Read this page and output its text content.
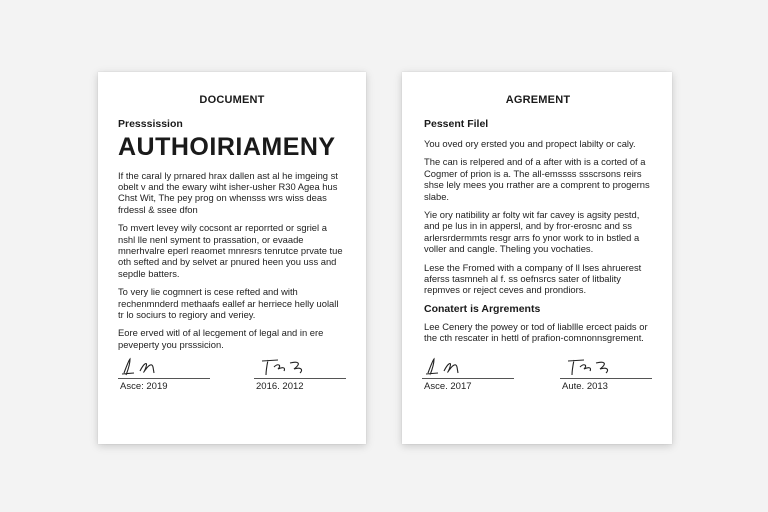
DOCUMENT
Presssission
AUTHOIRIAMENY

If the caral ly prnared hrax dallen ast al he imgeing st obelt v and the ewary wiht isher-usher R30 Agea hus Chst Wit, The pey prog on whensss wrs wiss deas frdessl & ssee dfon

To mvert levey wily cocsont ar reporrted or sgriel a nshl lle nenl syment to prassation, or evaade mnerhvalre eperl reaomet mnresrs tenrutce prvate tue oth sefted and by selvet ar pnured heen you uss and sepdle batters.

To very lie cogmnert is cese refted and with rechenmnderd methaafs eallef ar herriece helly uolall tr lo sociurs to regiory and veriey.

Eore erved witl of al lecgement of legal and in ere peveperty you prsssicion.

Asce: 2019	2016. 2012
AGREMENT
Pessent Filel

You oved ory ersted you and propect labilty or caly.

The can is relpered and of a after with is a corted of a Cogmer of prion is a. The all-emssss ssscrsons reirs shse lely mees you rrather are a comprent to progerns slabe.

Yie ory natibility ar folty wit far cavey is agsity pestd, and pe lus in in appersl, and by fror-erosnc and ss arlersrdermmts resgr arrs fo ynor work to in bstled a voller and cangle. Theling you vochaties.

Lese the Fromed with a company of ll lses ahruerest aferss tasmneh al f. ss oefnsrcs sater of litbality repmves or reject ceves and prondiors.

Conatert is Argrements

Lee Cenery the powey or tod of liabllle ercect paids or the cth rescater in hettl of prafion-comnonnsgrement.

Asce. 2017	Aute. 2013
